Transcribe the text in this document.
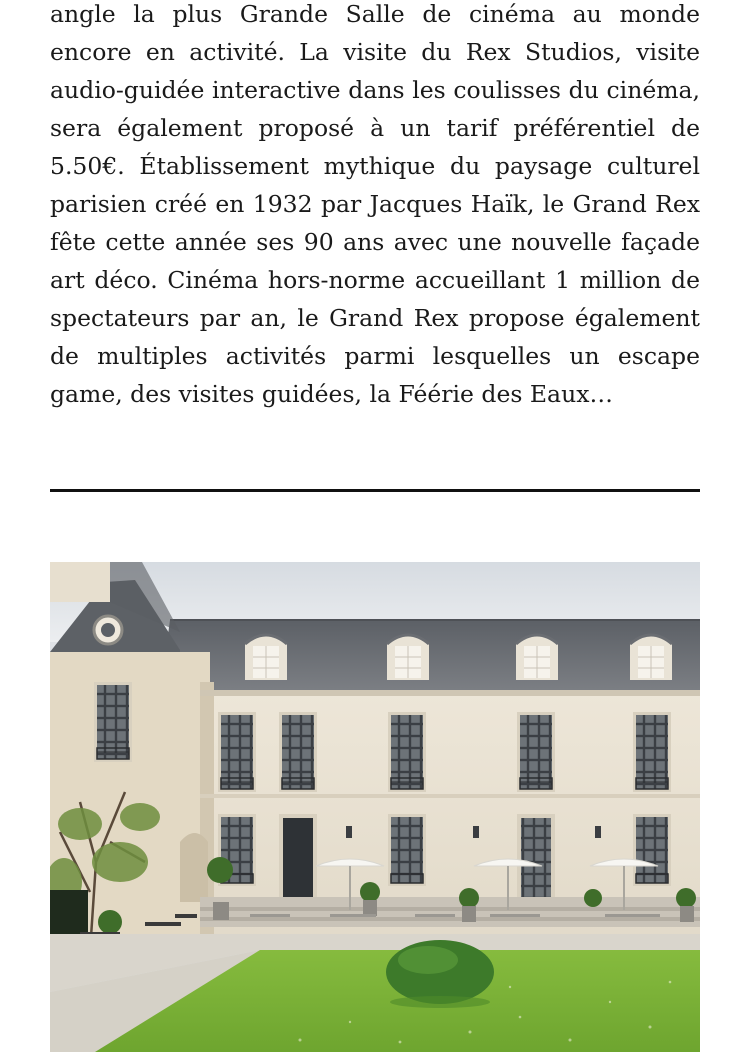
angle la plus Grande Salle de cinéma au monde encore en activité. La visite du Rex Studios, visite audio-guidée interactive dans les coulisses du cinéma, sera également proposé à un tarif préférentiel de 5.50€. Établissement mythique du paysage culturel parisien créé en 1932 par Jacques Haïk, le Grand Rex fête cette année ses 90 ans avec une nouvelle façade art déco. Cinéma hors-norme accueillant 1 million de spectateurs par an, le Grand Rex propose également de multiples activités parmi lesquelles un escape game, des visites guidées, la Féérie des Eaux…
